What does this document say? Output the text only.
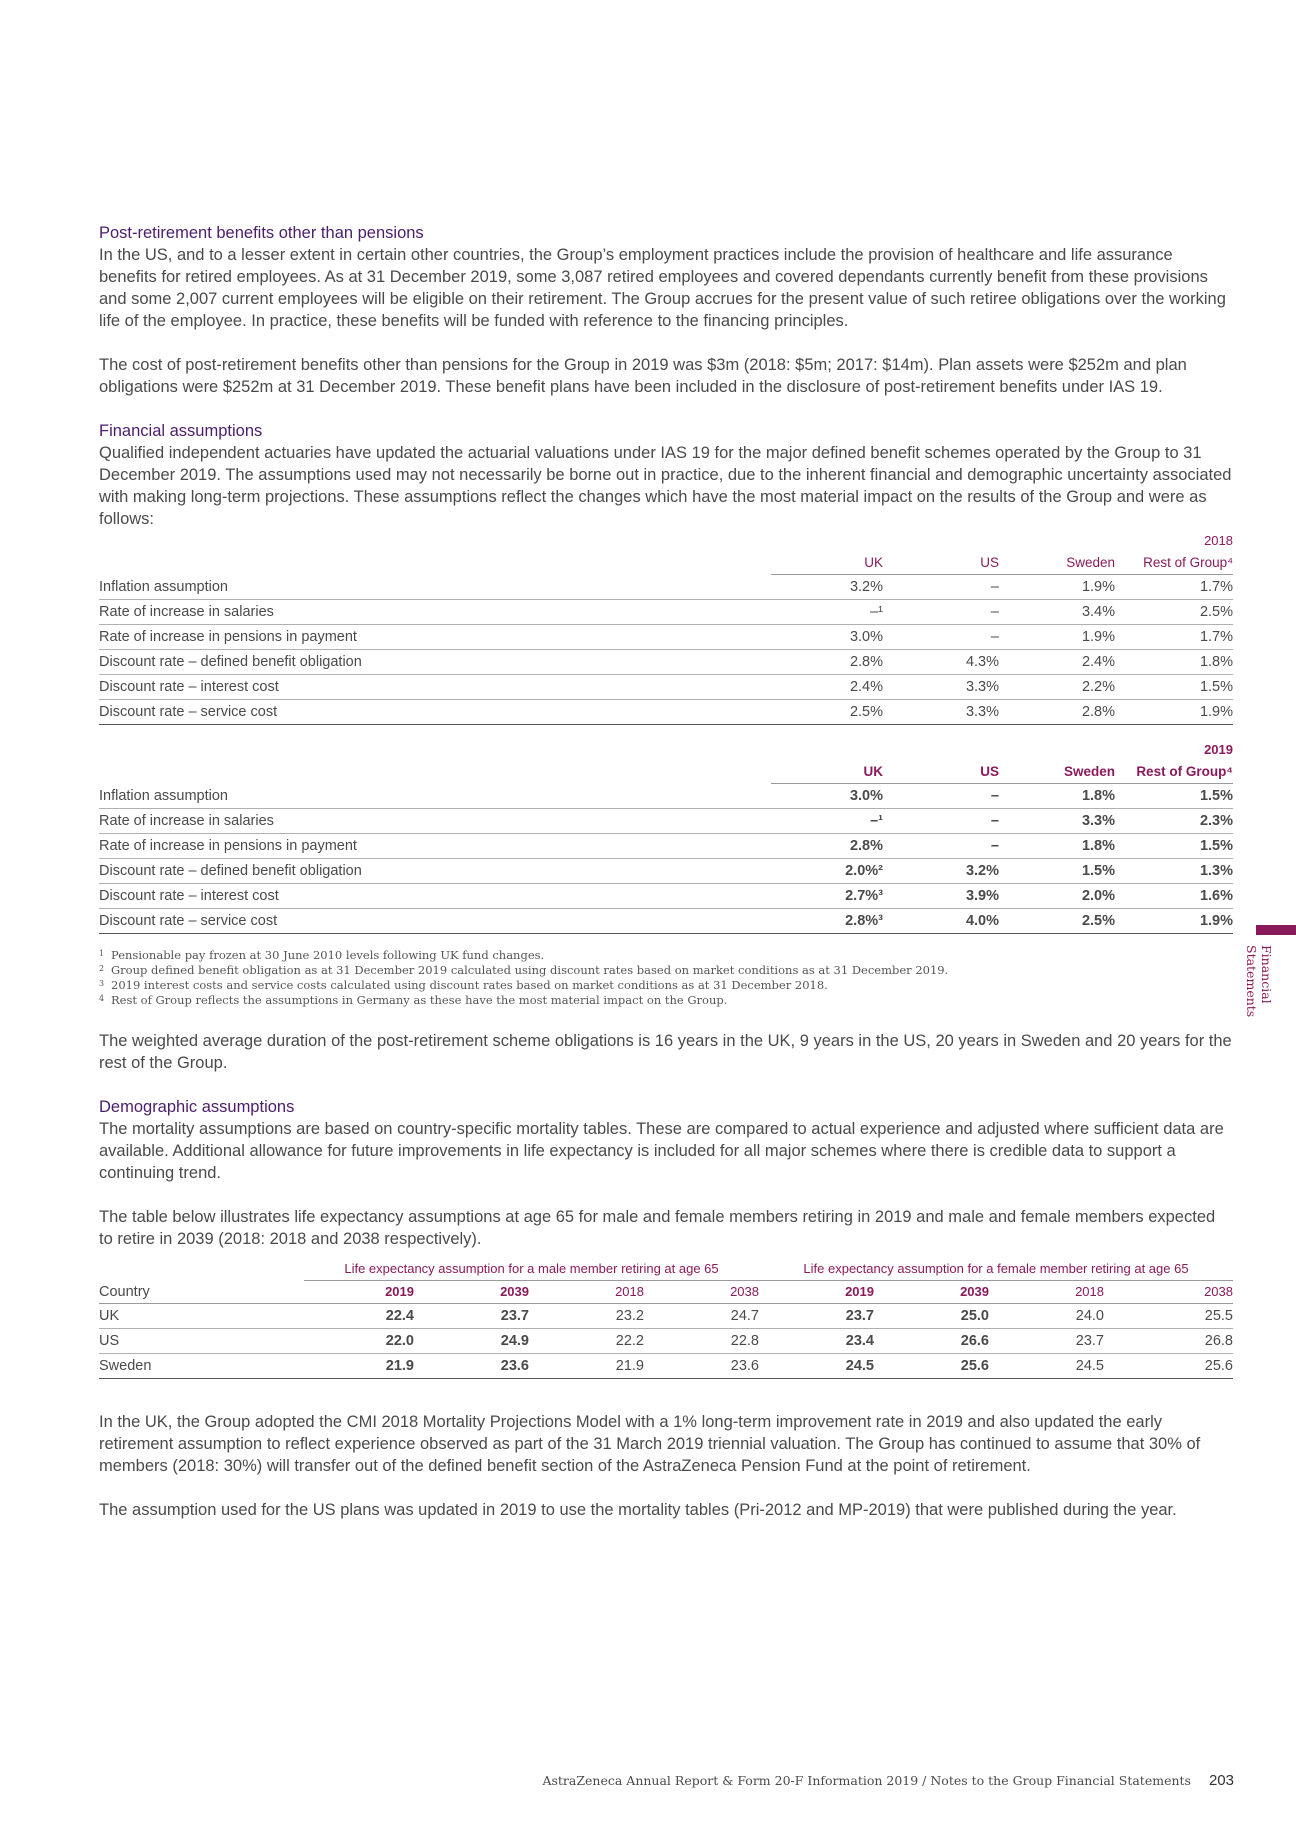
Post-retirement benefits other than pensions

In the US, and to a lesser extent in certain other countries, the Group’s employment practices include the provision of healthcare and life assurance benefits for retired employees. As at 31 December 2019, some 3,087 retired employees and covered dependants currently benefit from these provisions and some 2,007 current employees will be eligible on their retirement. The Group accrues for the present value of such retiree obligations over the working life of the employee. In practice, these benefits will be funded with reference to the financing principles.

The cost of post-retirement benefits other than pensions for the Group in 2019 was $3m (2018: $5m; 2017: $14m). Plan assets were $252m and plan obligations were $252m at 31 December 2019. These benefit plans have been included in the disclosure of post-retirement benefits under IAS 19.

Financial assumptions

Qualified independent actuaries have updated the actuarial valuations under IAS 19 for the major defined benefit schemes operated by the Group to 31 December 2019. The assumptions used may not necessarily be borne out in practice, due to the inherent financial and demographic uncertainty associated with making long-term projections. These assumptions reflect the changes which have the most material impact on the results of the Group and were as follows:

				2018
	UK	US	Sweden	Rest of Group⁴
Inflation assumption	3.2%	–	1.9%	1.7%
Rate of increase in salaries	–¹	–	3.4%	2.5%
Rate of increase in pensions in payment	3.0%	–	1.9%	1.7%
Discount rate – defined benefit obligation	2.8%	4.3%	2.4%	1.8%
Discount rate – interest cost	2.4%	3.3%	2.2%	1.5%
Discount rate – service cost	2.5%	3.3%	2.8%	1.9%
				2019
	UK	US	Sweden	Rest of Group⁴
Inflation assumption	3.0%	–	1.8%	1.5%
Rate of increase in salaries	–¹	–	3.3%	2.3%
Rate of increase in pensions in payment	2.8%	–	1.8%	1.5%
Discount rate – defined benefit obligation	2.0%²	3.2%	1.5%	1.3%
Discount rate – interest cost	2.7%³	3.9%	2.0%	1.6%
Discount rate – service cost	2.8%³	4.0%	2.5%	1.9%
1 Pensionable pay frozen at 30 June 2010 levels following UK fund changes.
2 Group defined benefit obligation as at 31 December 2019 calculated using discount rates based on market conditions as at 31 December 2019.
3 2019 interest costs and service costs calculated using discount rates based on market conditions as at 31 December 2018.
4 Rest of Group reflects the assumptions in Germany as these have the most material impact on the Group.

The weighted average duration of the post-retirement scheme obligations is 16 years in the UK, 9 years in the US, 20 years in Sweden and 20 years for the rest of the Group.

Demographic assumptions

The mortality assumptions are based on country-specific mortality tables. These are compared to actual experience and adjusted where sufficient data are available. Additional allowance for future improvements in life expectancy is included for all major schemes where there is credible data to support a continuing trend.

The table below illustrates life expectancy assumptions at age 65 for male and female members retiring in 2019 and male and female members expected to retire in 2039 (2018: 2018 and 2038 respectively).

	Life expectancy assumption for a male member retiring at age 65				Life expectancy assumption for a female member retiring at age 65			
Country	2019	2039	2018	2038	2019	2039	2018	2038
UK	22.4	23.7	23.2	24.7	23.7	25.0	24.0	25.5
US	22.0	24.9	22.2	22.8	23.4	26.6	23.7	26.8
Sweden	21.9	23.6	21.9	23.6	24.5	25.6	24.5	25.6

In the UK, the Group adopted the CMI 2018 Mortality Projections Model with a 1% long-term improvement rate in 2019 and also updated the early retirement assumption to reflect experience observed as part of the 31 March 2019 triennial valuation. The Group has continued to assume that 30% of members (2018: 30%) will transfer out of the defined benefit section of the AstraZeneca Pension Fund at the point of retirement.

The assumption used for the US plans was updated in 2019 to use the mortality tables (Pri-2012 and MP-2019) that were published during the year.

Financial Statements
AstraZeneca Annual Report & Form 20-F Information 2019 / Notes to the Group Financial Statements 203
